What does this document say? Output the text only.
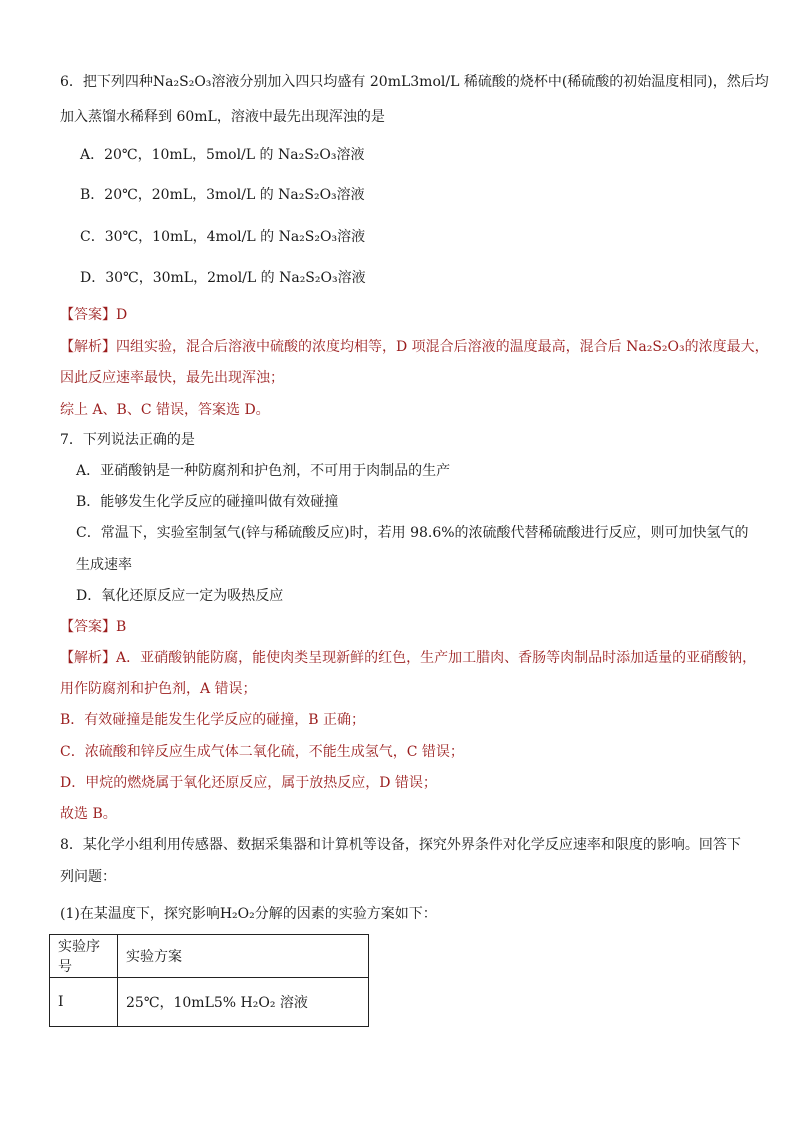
6．把下列四种Na₂S₂O₃溶液分别加入四只均盛有 20mL3mol/L 稀硫酸的烧杯中(稀硫酸的初始温度相同)，然后均
加入蒸馏水稀释到 60mL，溶液中最先出现浑浊的是
A．20℃，10mL，5mol/L 的 Na₂S₂O₃溶液
B．20℃，20mL，3mol/L 的 Na₂S₂O₃溶液
C．30℃，10mL，4mol/L 的 Na₂S₂O₃溶液
D．30℃，30mL，2mol/L 的 Na₂S₂O₃溶液
【答案】D
【解析】四组实验，混合后溶液中硫酸的浓度均相等，D 项混合后溶液的温度最高，混合后 Na₂S₂O₃的浓度最大，
因此反应速率最快，最先出现浑浊；
综上 A、B、C 错误，答案选 D。
7．下列说法正确的是
A．亚硝酸钠是一种防腐剂和护色剂，不可用于肉制品的生产
B．能够发生化学反应的碰撞叫做有效碰撞
C．常温下，实验室制氢气(锌与稀硫酸反应)时，若用 98.6%的浓硫酸代替稀硫酸进行反应，则可加快氢气的
生成速率
D．氧化还原反应一定为吸热反应
【答案】B
【解析】A．亚硝酸钠能防腐，能使肉类呈现新鲜的红色，生产加工腊肉、香肠等肉制品时添加适量的亚硝酸钠，
用作防腐剂和护色剂，A 错误；
B．有效碰撞是能发生化学反应的碰撞，B 正确；
C．浓硫酸和锌反应生成气体二氧化硫，不能生成氢气，C 错误；
D．甲烷的燃烧属于氧化还原反应，属于放热反应，D 错误；
故选 B。
8．某化学小组利用传感器、数据采集器和计算机等设备，探究外界条件对化学反应速率和限度的影响。回答下
列问题：
(1)在某温度下，探究影响H₂O₂分解的因素的实验方案如下：
实验序号	实验方案
I	25℃，10mL5% H₂O₂ 溶液
